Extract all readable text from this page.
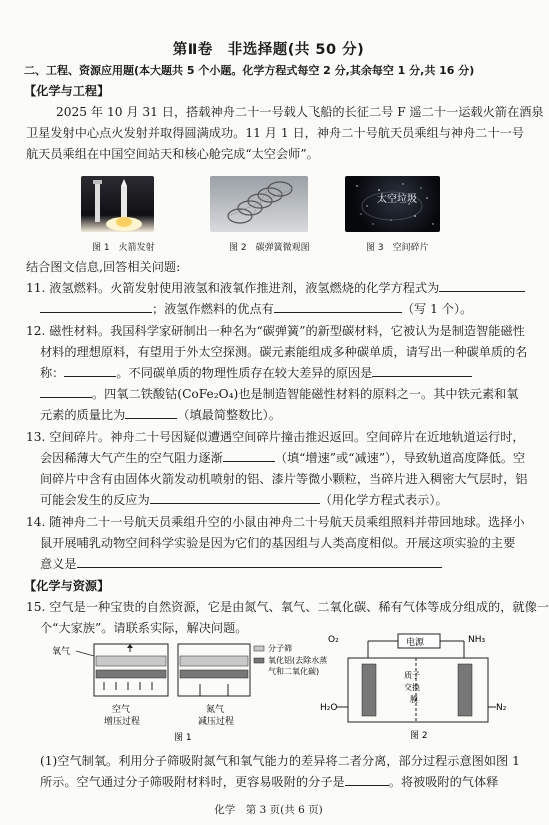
第Ⅱ卷　非选择题(共 50 分)
二、工程、资源应用题(本大题共 5 个小题。化学方程式每空 2 分,其余每空 1 分,共 16 分)
【化学与工程】
2025 年 10 月 31 日，搭载神舟二十一号载人飞船的长征二号 F 遥二十一运载火箭在酒泉
卫星发射中心点火发射并取得圆满成功。11 月 1 日，神舟二十号航天员乘组与神舟二十一号
航天员乘组在中国空间站天和核心舱完成“太空会师”。
图 1　火箭发射	图 2　碳弹簧微观图
太空垃圾
图 3　空间碎片
结合图文信息,回答相关问题:
11. 液氢燃料。火箭发射使用液氢和液氧作推进剂，液氢燃烧的化学方程式为
；液氢作燃料的优点有	（写 1 个）。
12. 磁性材料。我国科学家研制出一种名为“碳弹簧”的新型碳材料，它被认为是制造智能磁性
材料的理想原料，有望用于外太空探测。碳元素能组成多种碳单质，请写出一种碳单质的名
称：	。不同碳单质的物理性质存在较大差异的原因是
。四氧二铁酸钴(CoFe₂O₄)也是制造智能磁性材料的原料之一。其中铁元素和氧
元素的质量比为	（填最简整数比）。
13. 空间碎片。神舟二十号因疑似遭遇空间碎片撞击推迟返回。空间碎片在近地轨道运行时，
会因稀薄大气产生的空气阻力逐渐	（填“增速”或“减速”），导致轨道高度降低。空
间碎片中含有由固体火箭发动机喷射的铝、漆片等微小颗粒，当碎片进入稠密大气层时，铝
可能会发生的反应为	（用化学方程式表示）。
14. 随神舟二十一号航天员乘组升空的小鼠由神舟二十号航天员乘组照料并带回地球。选择小
鼠开展哺乳动物空间科学实验是因为它们的基因组与人类高度相似。开展这项实验的主要
意义是
【化学与资源】
15. 空气是一种宝贵的自然资源，它是由氮气、氧气、二氧化碳、稀有气体等成分组成的，就像一
个“大家族”。请联系实际，解决问题。
氧气	分子筛
氧化铝(去除水蒸
气和二氧化碳)
空气
增压过程
氮气
减压过程
图 1
O₂	NH₃
电源
质子
交换
膜
H₂O	N₂
图 2
(1)空气制氧。利用分子筛吸附氮气和氧气能力的差异将二者分离，部分过程示意图如图 1
所示。空气通过分子筛吸附材料时，更容易吸附的分子是	。将被吸附的气体释
化学　第 3 页(共 6 页)
